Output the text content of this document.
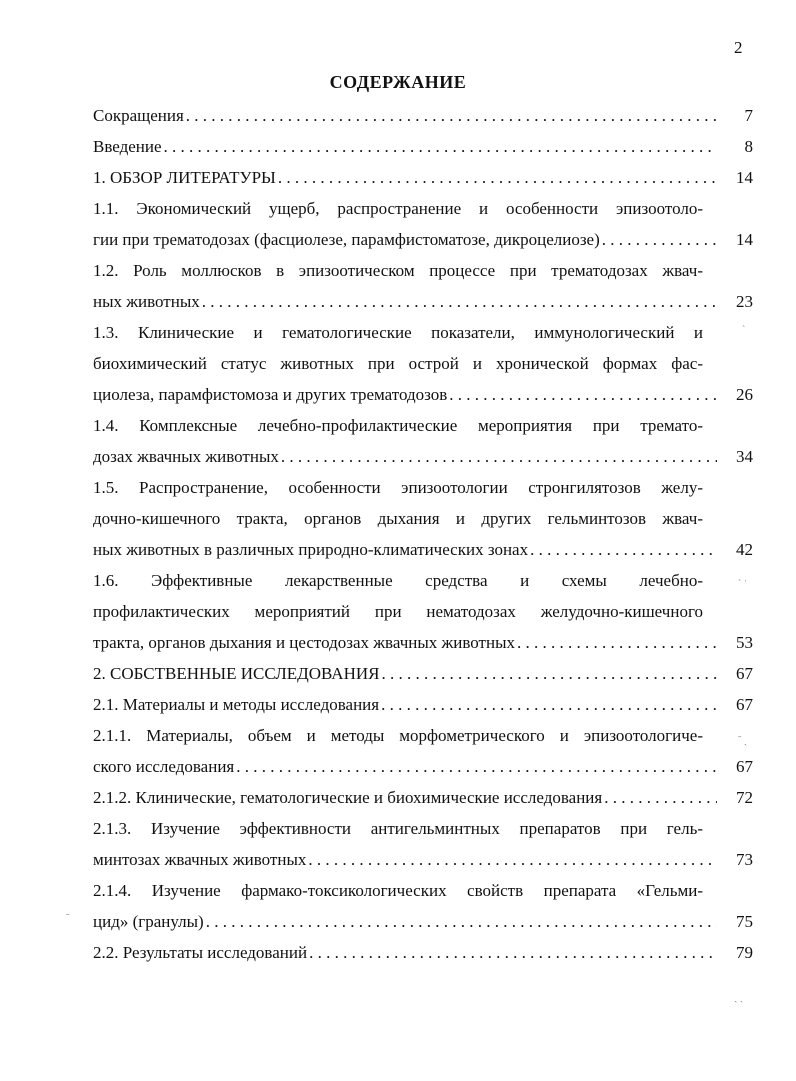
2
СОДЕРЖАНИЕ
Сокращения . . .	7
Введение . . .	8
1. ОБЗОР ЛИТЕРАТУРЫ . . .	14
1.1. Экономический ущерб, распространение и особенности эпизоотоло-
гии при трематодозах (фасциолезе, парамфистоматозе, дикроцелиозе) . . .	14
1.2. Роль моллюсков в эпизоотическом процессе при трематодозах жвач-
ных животных . . .	23
1.3. Клинические и гематологические показатели, иммунологический и
биохимический статус животных при острой и хронической формах фас-
циолеза, парамфистомоза и других трематодозов . . .	26
1.4. Комплексные лечебно-профилактические мероприятия при тремато-
дозах жвачных животных . . .	34
1.5. Распространение, особенности эпизоотологии стронгилятозов желу-
дочно-кишечного тракта, органов дыхания и других гельминтозов жвач-
ных животных в различных природно-климатических зонах . . .	42
1.6. Эффективные лекарственные средства и схемы лечебно-
профилактических мероприятий при нематодозах желудочно-кишечного
тракта, органов дыхания и цестодозах жвачных животных . . .	53
2. СОБСТВЕННЫЕ ИССЛЕДОВАНИЯ . . .	67
2.1. Материалы и методы исследования . . .	67
2.1.1. Материалы, объем и методы морфометрического и эпизоотологиче-
ского исследования . . .	67
2.1.2. Клинические, гематологические и биохимические исследования . . .	72
2.1.3. Изучение эффективности антигельминтных препаратов при гель-
минтозах жвачных животных . . .	73
2.1.4. Изучение фармако-токсикологических свойств препарата «Гельми-
цид» (гранулы) . . .	75
2.2. Результаты исследований . . .	79
ˋ
` ˈ
ˉ ˎ
ˍ
ˏ ˎ
